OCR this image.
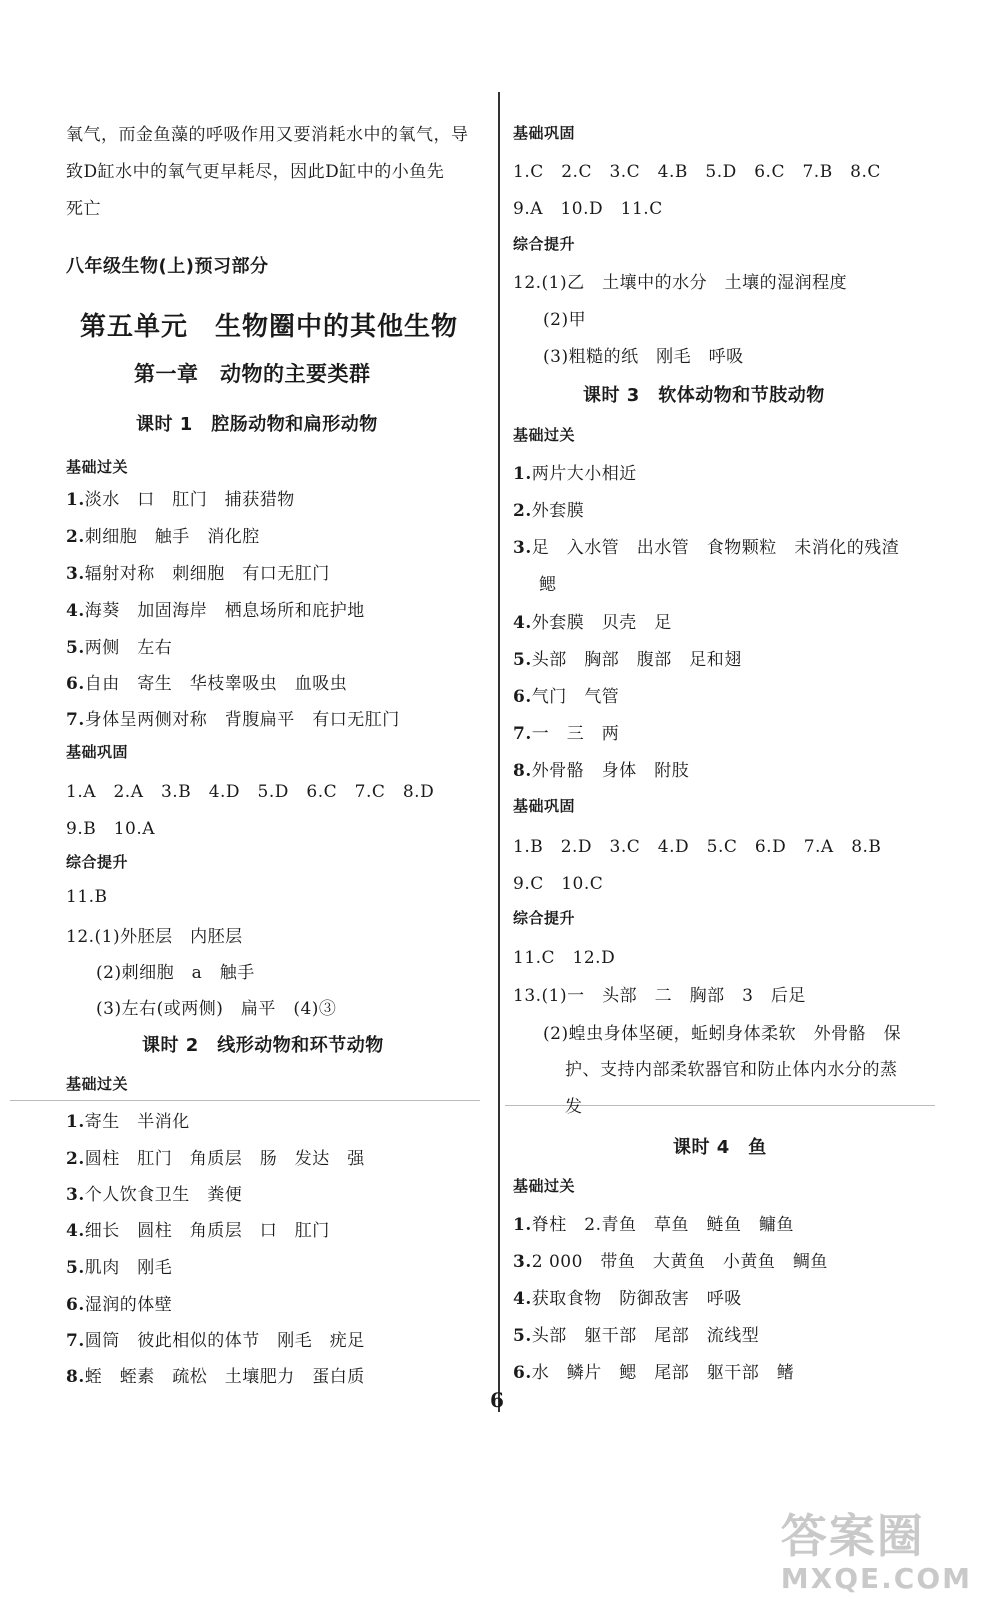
氧气，而金鱼藻的呼吸作用又要消耗水中的氧气，导
致D缸水中的氧气更早耗尽，因此D缸中的小鱼先
死亡
八年级生物(上)预习部分
第五单元　生物圈中的其他生物
第一章　动物的主要类群
课时 1　腔肠动物和扁形动物
基础过关
1.淡水　口　肛门　捕获猎物
2.刺细胞　触手　消化腔
3.辐射对称　刺细胞　有口无肛门
4.海葵　加固海岸　栖息场所和庇护地
5.两侧　左右
6.自由　寄生　华枝睾吸虫　血吸虫
7.身体呈两侧对称　背腹扁平　有口无肛门
基础巩固
1.A　2.A　3.B　4.D　5.D　6.C　7.C　8.D
9.B　10.A
综合提升
11.B
12.(1)外胚层　内胚层
(2)刺细胞　a　触手
(3)左右(或两侧)　扁平　(4)③
课时 2　线形动物和环节动物
基础过关
1.寄生　半消化
2.圆柱　肛门　角质层　肠　发达　强
3.个人饮食卫生　粪便
4.细长　圆柱　角质层　口　肛门
5.肌肉　刚毛
6.湿润的体壁
7.圆筒　彼此相似的体节　刚毛　疣足
8.蛭　蛭素　疏松　土壤肥力　蛋白质
基础巩固
1.C　2.C　3.C　4.B　5.D　6.C　7.B　8.C
9.A　10.D　11.C
综合提升
12.(1)乙　土壤中的水分　土壤的湿润程度
(2)甲
(3)粗糙的纸　刚毛　呼吸
课时 3　软体动物和节肢动物
基础过关
1.两片大小相近
2.外套膜
3.足　入水管　出水管　食物颗粒　未消化的残渣
鳃
4.外套膜　贝壳　足
5.头部　胸部　腹部　足和翅
6.气门　气管
7.一　三　两
8.外骨骼　身体　附肢
基础巩固
1.B　2.D　3.C　4.D　5.C　6.D　7.A　8.B
9.C　10.C
综合提升
11.C　12.D
13.(1)一　头部　二　胸部　3　后足
(2)蝗虫身体坚硬，蚯蚓身体柔软　外骨骼　保
护、支持内部柔软器官和防止体内水分的蒸
发
课时 4　鱼
基础过关
1.脊柱　2.青鱼　草鱼　鲢鱼　鳙鱼
3.2 000　带鱼　大黄鱼　小黄鱼　鲷鱼
4.获取食物　防御敌害　呼吸
5.头部　躯干部　尾部　流线型
6.水　鳞片　鳃　尾部　躯干部　鳍
6
答案圈
MXQE.COM
